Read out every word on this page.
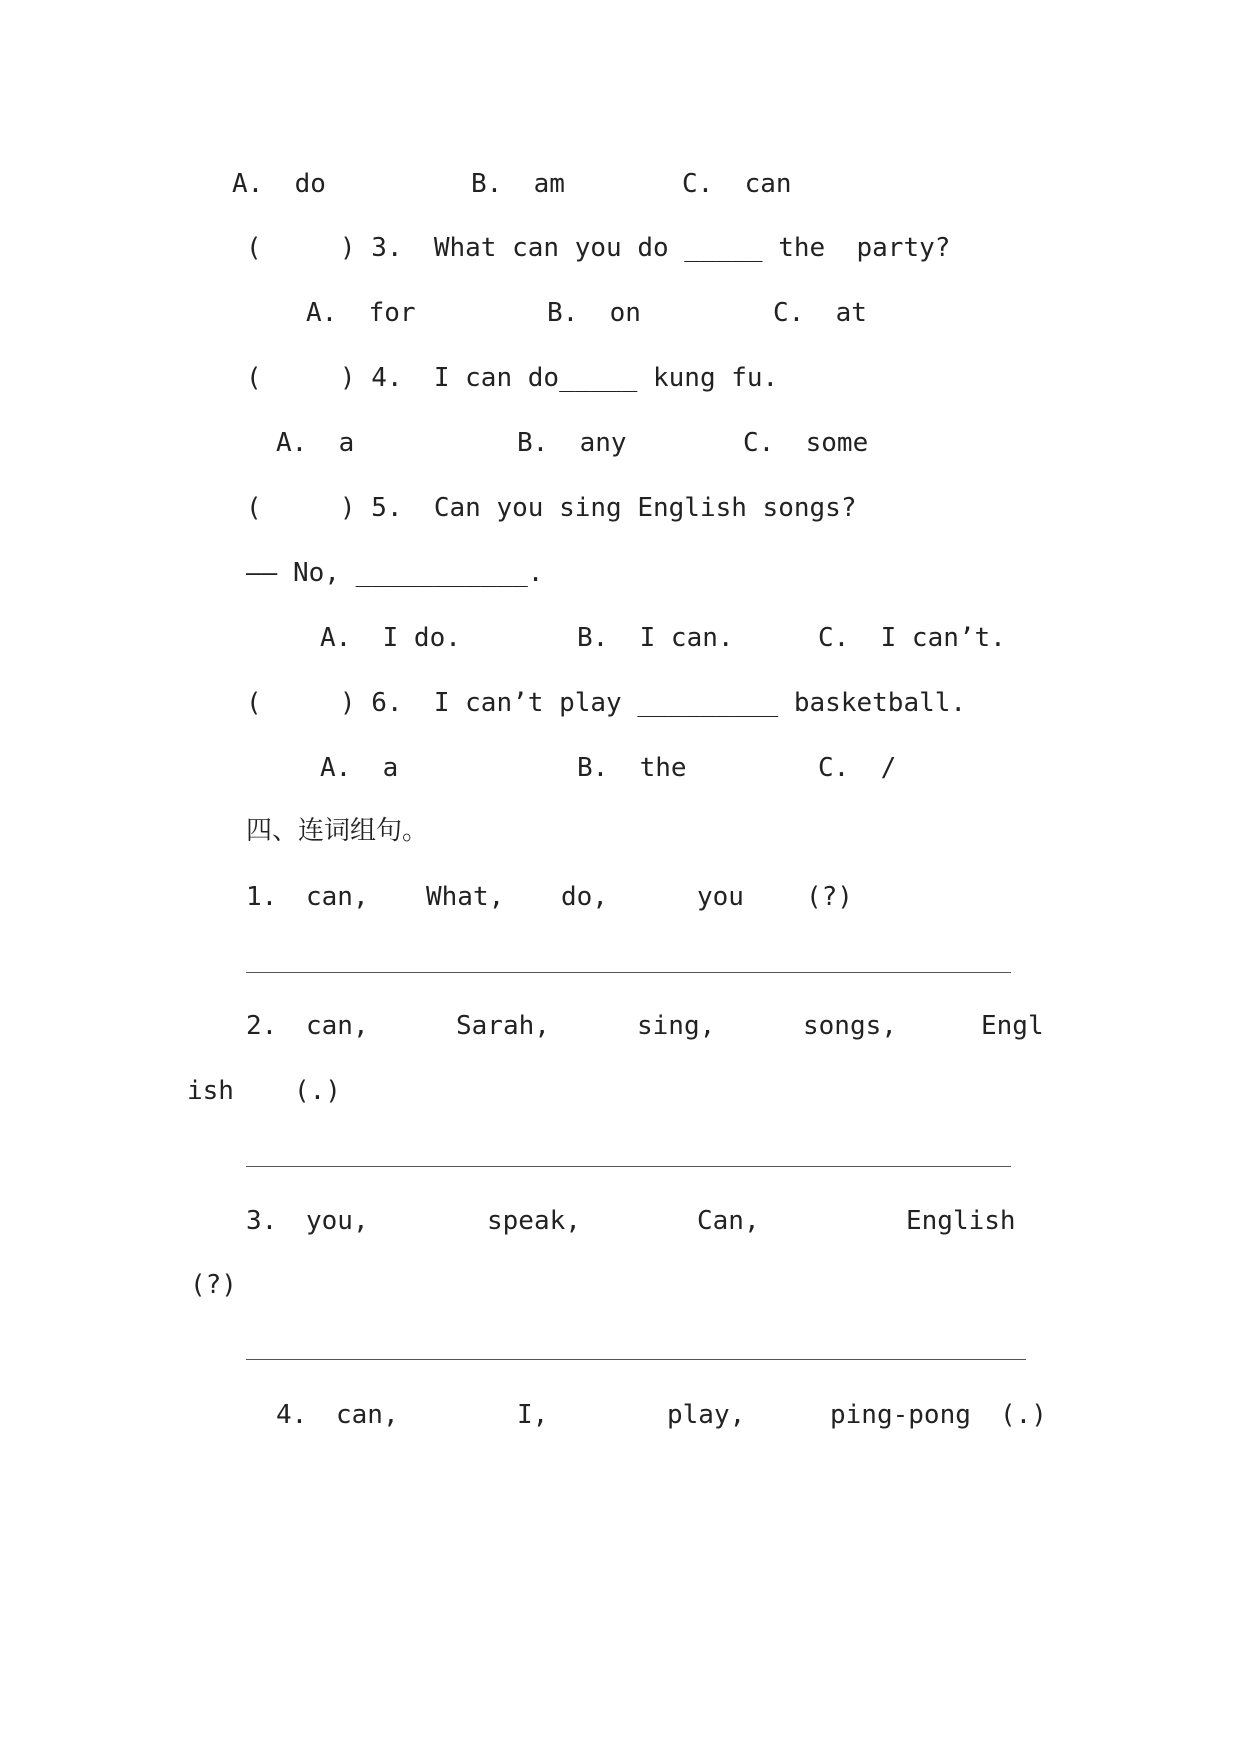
A.  do	B.  am	C.  can
(     ) 3.  What can you do _____ the  party?
A.  for	B.  on	C.  at
(     ) 4.  I can do_____ kung fu.
A.  a	B.  any	C.  some
(     ) 5.  Can you sing English songs?
—— No, ___________.
A.  I do.	B.  I can.	C.  I can’t.
(     ) 6.  I can’t play _________ basketball.
A.  a	B.  the	C.  /
四、连词组句。
1. can, What, do,	you (?)
2. can,	Sarah,	sing,	songs,	Engl
ish (.)
3. you,	speak,	Can,	English
(?)
4. can,	I,	play,	ping-pong (.)
